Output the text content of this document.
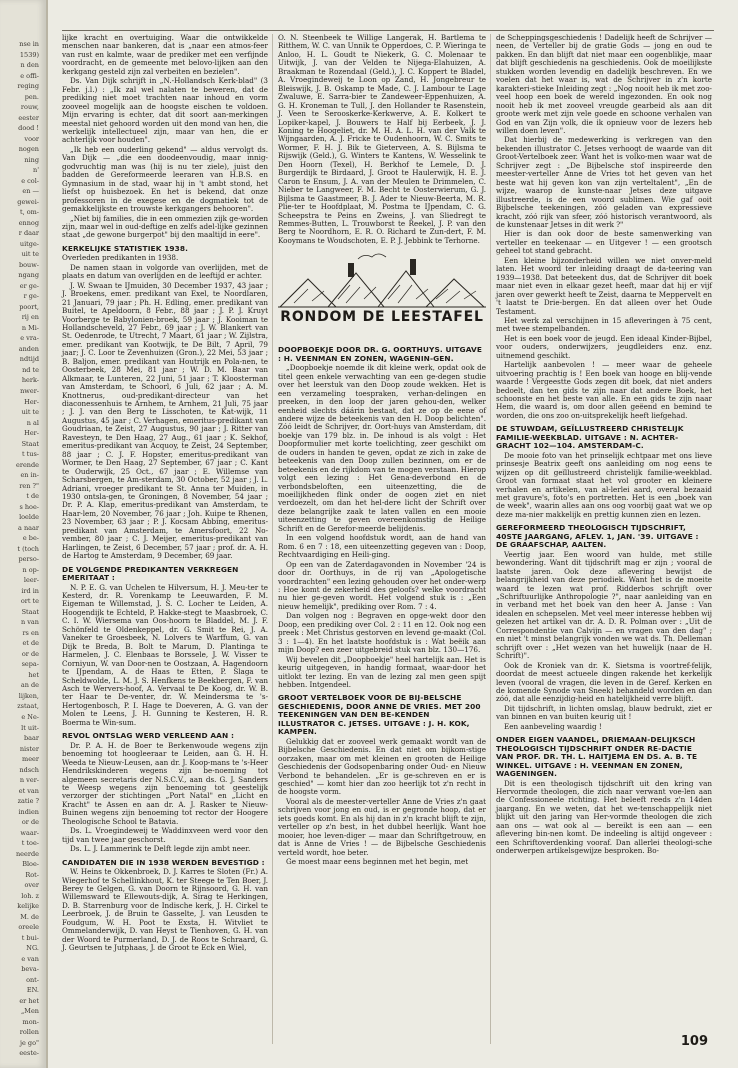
nse in
1539)
n den
e offi-
reging
pen.
rouw,
eester
dood !
voor
nogen
ning
n'
e col-
en —
gewei-
t, om-
ennog
r daar
uitge-
uit te
bouw-
ngang
er ge-
r ge-
poort,
rij en
n Mi-
e vra-
anden
ndtijd
nd te
herk-
nwer-
Her-
uit te
n al
Her-
Staat
t tus-
erende
en in-
ren ?"
t de
s hoe-
loelde
a naar
e be-
t (toch
perso-
n op-
leer-
ird in
ort te
Staat
n van
rs en
et de
or de
sepa-
het
an de
lijken,
zstaat,
e Ne-
lt uit-
baar
nister
meer
ndsch
n ver-
et van
zatie ?
indien
or de
waar-
t toe-
neerde
Bloe-
Rot-
over
loh. z
kelijke
M. de
oreele
t bui-
NG.
e van
beva-
ont-
EN.
er het
„Men
mon-
rollen
je go"
eeste-

lijke kracht en overtuiging. Waar die ontwikkelde menschen naar bankeren, dat is „naar een atmos-feer van rust en kalmte, waar de prediker met een verfijnde voordracht, en de gemeente met belovo-lijken aan den kerkgang gesteld zijn zal verbeiten en bezielen".

Ds. Van Dijk schrijft in „N.-Hollandsch Kerk-blad" (3 Febr. j.l.) : „Ik zal wel nalaten te beweren, dat de prediking niet moet trachten naar inhoud en vorm zooveel mogelijk aan de hoogste eischen te voldoen. Mijn ervaring is echter, dat dit soort aan-merkingen meestal niet gehoord worden uit den mond van hen, die werkelijk intellectueel zijn, maar van hen, die er achterlijk voor houden".

„Ik heb een ouderling gekend" — aldus vervolgt ds. Van Dijk — „die een doodeenvoudig, maar innig-godvruchtig man was (hij is nu ter ziele), juist den badden de Gereformeerde leeraren van H.B.S. en Gymnasium in de stad, waar hij in 't ambt stond, het liefst op huisbezoek. En het is bekend, dat onze professoren in de exegese en de dogmatiek tot de gemakkelijkste en trouwste kerkgangers behooren".

„Niet bij families, die in een ommezien zijk ge-worden zijn, maar wel in oud-deftige en zelfs adel-lijke gezinnen staat „de gewone burgerpot" bij den maaltijd in eere".

KERKELIJKE STATISTIEK 1938.

Overleden predikanten in 1938.

De namen staan in volgorde van overlijden, met de plaats en datum van overlijden en de leeftijd er achter.

J. W. Swaan te IJmuiden, 30 December 1937, 43 jaar ; J. Broekens, emer. predikant van Exel, te Noordlaren, 21 Januari, 79 jaar ; Ph. H. Edling, emer. predikant van Buitel, te Apeldoorn, 8 Febr., 88 jaar ; J. P. J. Kruyt Voorberge te Babylonien-broek, 59 jaar ; J. Kooiman te Hollandscheveld, 27 Febr., 69 jaar ; J. W. Blankert van St. Oedenrode, te Utrecht, 7 Maart, 61 jaar ; W. Zijlstra, emer. predikant van Kootwijk, te De Bilt, 7 April, 79 jaar; J. C. Loor te Zevenhuizen (Gron.), 22 Mei, 53 jaar ; B. Baljon, emer. predikant van Houtrijk en Pola-nen, te Oosterbeek, 28 Mei, 81 jaar ; W. D. M. Baar van Alkmaar, te Lunteren, 22 Juni, 51 jaar ; T. Kloosterman van Amsterdam, te Schoorl, 6 Juli, 62 jaar ; A. M. Knottnerus, oud-predikant-directeur van het diaconessenhuis te Arnhem, te Arnhem, 21 Juli, 75 jaar ; J. J. van den Berg te Lisschoten, te Kat-wijk, 11 Augustus, 45 jaar ; C. Verhagen, emeritus-predikant van Goudriaan, te Zeist, 27 Augustus, 90 jaar ; J. Ritter van Ravesteyn, te Den Haag, 27 Aug., 61 jaar ; K. Sekhof, emeritus-predikant van Acquoy, te Zeist, 24 September, 88 jaar ; C. J. F. Hopster, emeritus-predikant van Wormer, te Den Haag, 27 September, 67 jaar ; C. Kant te Ouderwijk, 25 Oct., 67 jaar ; E. Willemse van Scharsbergen, te Am-sterdam, 30 October, 52 jaar ; J. L. Adriani, vroeger predikant te St. Anna ter Muiden, in 1930 ontsla-gen, te Groningen, 8 November, 54 jaar ; Dr. P. A. Klap, emeritus-predikant van Amsterdam, te Haar-lem, 20 November, 76 jaar ; Joh. Kuipe te Rhenen, 23 November, 63 jaar ; P. J. Kocsam Abbing, emeritus-predikant van Amsterdam, te Amersfoort, 22 No-vember, 80 jaar ; C. J. Meijer, emeritus-predikant van Harlingen, te Zeist, 6 December, 57 jaar ; prof. dr. A. H. de Hartog te Amsterdam, 9 December, 69 jaar.

DE VOLGENDE PREDIKANTEN VERKREGEN EMERITAAT :

N. P. E. G. van Uchelen te Hilversum, H. J. Meu-ter te Kesterd, dr. R. Vorenkamp te Leeuwarden, F. M. Eigeman te Willemstad, J. S. C. Locher te Leiden, A. Hoogendijk te Echteld, P. Hakke-stegt te Maasbroek, C. C. I. W. Wiersema van Oos-hoorn te Bladdel, M. J. F. Schönfeld te Oldenkeppel, dr. G. Smit te Rei, J. A. Vaneker te Groesbeek, N. Lolvers te Warffum, G. van Dijk te Breda, B. Bolt te Marum, D. Plantinga te Harmelen, J. C. Elenbaas te Borssele, J. W. Visser te Corniyun, W. van Door-nen te Oostzaan, A. Hagendoorn te IJpendam, A. de Haas te Etten, P. Slaga te Scheldwolde, L. M. J. S. Henfkens te Beekbergen, F. van Asch te Wervers-hoof, A. Vervaal te De Koog, dr. W. B. ter Haar te De-venter, dr. W. Meindersma te 's-Hertogenbosch, P. I. Hage te Doeveren, A. G. van der Molen te Leens, J. H. Gunning te Kesteren, H. R. Boerma te Win-sum.

REVOL ONTSLAG WERD VERLEEND AAN :

Dr. P. A. H. de Boer te Berkenwoude wegens zijn benoeming tot hoogleeraar te Leiden, aan G. H. H. Weeda te Nieuw-Leusen, aan dr. J. Koop-mans te 's-Heer Hendrikskinderen wegens zijn be-noeming tot algemeen secretaris der N.S.C.V., aan ds. G. J. Sanders te Weesp wegens zijn benoeming tot geestelijk verzorger der stichtingen „Port Natal" en „Licht en Kracht" te Assen en aan dr. A. J. Rasker te Nieuw-Buinen wegens zijn benoeming tot rector der Hoogere Theologische School te Batavia.

Ds. L. Vroegindeweij te Waddinxveen werd voor den tijd van twee jaar geschorst.

Ds. L. J. Lammerink te Delft legde zijn ambt neer.

CANDIDATEN DIE IN 1938 WERDEN BEVESTIGD :

W. Heins te Okkenbroek, D. J. Karres te Sloten (Fr.) A. Wiegerhof te Schellinkhout, K. ter Steege te Ten Boer, J. Berey te Gelgen, G. van Doorn te Rijnsoord, G. H. van Willemsward te Ellewouts-dijk, A. Sirag te Herkingen, D. B. Starrenburg voor de Indische kerk, J. H. Cirkel te Leerbroek, J. de Bruin te Gasselte, J. van Leusden te Foudgum, W. H. Poot te Exsta, H. Witvliet te Ommelanderwijk, D. van Heyst te Tienhoven, G. H. van der Woord te Purmerland, D. J. de Roos te Schraard, G. J. Geurtsen te Jutphaas, J. de Groot te Eck en Wiel,

O. N. Steenbeek te Willige Langerak, H. Bartlema te Ritthem, W. C. van Unnik te Opperdoes, C. P. Wieringa te Anloo, H. L. Goudt te Niekerk, G. C. Molenaar te Uitwijk, J. van der Velden te Nijega-Elahuizen, A. Braakman te Rozendaal (Geld.), J. C. Koppert te Bladel, A. Vroegindeweij te Loon op Zand, H. Jongebreur te Bleiswijk, J. B. Oskamp te Made, C. J. Lambour te Lage Zwaluwe, E. Sarra-bier te Zandeweer-Eppenhuizen, A. G. H. Kroneman te Tull, J. den Hollander te Rasenstein, J. Veen te Serooskerke-Kerkwerve, A. E. Kolkert te Lopiker-kapel, J. Bouwers te Half bij Eerbeek, J. J. Koning te Hoogeliet, dr. M. H. A. L. H. van der Valk te Wijngaarden, A. J. Fricke te Oudenhoorn, W. C. Smits te Wormer, F. H. J. Bik te Gieterveen, A. S. Bijlsma te Rijswijk (Geld.), G. Winters te Kantens, W. Wesselink te Den Hoorn (Texel), H. Berkhof te Lemele, D. J. Burgerdijk te Birdaard, J. Groot te Haulerwijk, H. E. J. Caron te Ensum, J. A. van der Meulen te Drimmelen, C. Nieber te Langweer, F. M. Becht te Oosterwierum, G. J. Bijlsma te Gaastmeer, B. J. Ader te Nieuw-Beerta, M. R. Plie-ter te Hoofdplaat, M. Postma te IJpendam, C. G. Scheepstra te Peins en Zweins, J. van Sliedregt te Remmes-Butten, L. Trouwborst te Reekel, J. P. van den Berg te Noordhorn, E. R. O. Richard te Zun-dert, F. M. Kooymans te Woudschoten, E. P. J. Jebbink te Terhorne.

RONDOM DE LEESTAFEL
DOOPBOEKJE DOOR DR. G. OORTHUYS. UITGAVE : H. VEENMAN EN ZONEN, WAGENIN-GEN.

„Doopboekje noemde ik dit kleine werk, opdat ook de titel geen enkele verwachting van een ge-degen studie over het leerstuk van den Doop zoude wekken. Het is een verzameling toespraken, verhan-delingen en preeken, in den loop der jaren gehou-den, welker eenheid slechts dáárin bestaat, dat ze op de eene of andere wijze de beteekenis van den H. Doop belichten". Zóó leidt de Schrijver, dr. Oort-huys van Amsterdam, dit boekje van 179 blz. in. De inhoud is als volgt : Het Doopformulier met korte toelichting, zeer geschikt om de ouders in handen te geven, opdat ze zich in zake de beteekenis van den Doop zullen bezinnen, om er de beteekenis en de rijkdom van te mogen verstaan. Hierop volgt een lezing : Het Gena-deverbond en de verbondsbeloften, een uiteenzetting, die de moeilijkheden flink onder de oogen ziet en niet verdoezelt, om dan het hel-dere licht der Schrift over deze belangrijke zaak te laten vallen en een mooie uiteenzetting te geven overeenkomstig de Heilige Schrift en de Gerefor-meerde belijdenis.

In een volgend hoofdstuk wordt, aan de hand van Rom. 6 en 7 : 18, een uiteenzetting gegeven van : Doop, Rechtvaardiging en Heili-ging.

Op een van de Zaterdagavonden in November '24 is door dr. Oorthuys, in de rij van „Apologetische voordrachten" een lezing gehouden over het onder-werp : Hoe komt de zekerheid des geloofs? welke voordracht nu hier ge-geven wordt. Het volgend stuk is : „Een nieuw hemelijk", prediking over Rom. 7 : 4.

Dan volgen nog : Begraven en opge-wekt door den Doop, een prediking over Col. 2 : 11 en 12. Ook nog een preek : Met Christus gestorven en levend ge-maakt (Col. 3 : 1—4). En het laatste hoofdstuk is : Wat beëik aan mijn Doop? een zeer uitgebreid stuk van blz. 130—176.

Wij bevelen dit „Doopboekje" heel hartelijk aan. Het is keurig uitgegeven, in handig formaat, waar-door het uitlokt ter lezing. En van de lezing zal men geen spijt hebben. Intgendeel.

GROOT VERTELBOEK VOOR DE BIJ-BELSCHE GESCHIEDENIS, DOOR ANNE DE VRIES. MET 200 TEEKENINGEN VAN DEN BE-KENDEN ILLUSTRATOR C. JETSES. UITGAVE : J. H. KOK, KAMPEN.

Gelukkig dat er zooveel werk gemaakt wordt van de Bijbelsche Geschiedenis. En dat niet om bijkom-stige oorzaken, maar om met kleinen en grooten de Heilige Geschiedenis der Godsopenbaring onder Oud- en Nieuw Verbond te behandelen. „Er is ge-schreven en er is geschied" — komt hier dan zoo heerlijk tot z'n recht in de hoogste vorm.

Vooral als de meester-verteller Anne de Vries z'n gaat schrijven voor jong en oud, is er gegronde hoop, dat er iets goeds komt. En als hij dan in z'n kracht blijft te zijn, verteller op z'n best, in het dubbel heerlijk. Want hoe mooier, hoe leven-diger — maar dan Schriftgetrouw, en dat is Anne de Vries ! — de Bijbelsche Geschiedenis verteld wordt, hoe beter.

Ge moest maar eens beginnen met het begin, met

de Scheppingsgeschiedenis ! Dadelijk heeft de Schrijver — neen, de Verteller bij de gratie Gods — jong en oud te pakken. En dan blijft dat niet maar een oogenblikje, maar dat blijft geschiedenis na geschiedenis. Ook de moeilijkste stukken worden levendig en dadelijk beschreven. En we voelen dat het waar is, wat de Schrijver in z'n korte karakteri-stieke Inleiding zegt : „Nog nooit heb ik met zoo-veel hoop een boek de wereld ingezonden. En ook nog nooit heb ik met zooveel vreugde gearbeid als aan dit groote werk met zijn vele goede en schoone verhalen van God en van Zijn volk, die ik opnieuw voor de lezers heb willen doen leven".

Dat hierbij de medewerking is verkregen van den bekenden illustrator C. Jetses verhoogt de waarde van dit Groot-Vertelboek zeer. Want het is volko-men waar wat de Schrijver zegt : „De Bijbelsche stof inspireerde den meester-verteller Anne de Vries tot het geven van het beste wat hij geven kon van zijn verteltalent", „En de wijze, waarop de kunste-naar Jetses deze uitgave illustreerde, is de een woord sublimen. Wie gaf ooit Bijbelsche teekeningen, zóó geladen van expressieve kracht, zóó rijk van sfeer, zóó historisch verantwoord, als de kunstenaar Jetses in dit werk ?"

Hier is dan ook door de beste samenwerking van verteller en teekenaar — en Uitgever ! — een grootsch geheel tot stand gebracht.

Een kleine bijzonderheid willen we niet onver-meld laten. Het woord ter inleiding draagt de da-teering van 1939—1938. Dat beteekent dus, dat de Schrijver dit boek maar niet even in elkaar gezet heeft, maar dat hij er vijf jaren over gewerkt heeft te Zeist, daarna te Meppervelt en 't laatst te Drie-bergen. En dat alleen over het Oude Testament.

Het werk zal verschijnen in 15 afleveringen à 75 cent, met twee stempelbanden.

Het is een boek voor de jeugd. Een ideaal Kinder-Bijbel, voor ouders, onderwijzers, jeugdleiders enz. enz. uitnemend geschikt.

Hartelijk aanbevolen ! — meer waar de geheele uitvoering prachtig is ! Een boek van hooge en blij-vende waarde ! Vergeestte Gods zegen dit boek, dat niet anders bedoelt, dan ten gids te zijn naar dat andere Boek, het schoonste en het beste van alle. En een gids te zijn naar Hem, die waard is, om door allen geëend en bemind te worden, die ons zoo on-uitsprekelijk heeft liefgehad.

DE STUWDAM, GEÏLLUSTREERD CHRISTELIJK FAMILIE-WEEKBLAD. UITGAVE : N. ACHTER-GRACHT 102—104. AMSTERDAM-C.

De mooie foto van het prinselijk echtpaar met ons lieve prinsesje Beatrix geeft ons aanleiding om nog eens te wijzen op dit geïllustreerd christelijk familie-weekblad. Groot van formaat staat het vol grooter en kleinere verhalen en artikelen, van al-lerlei aard, overal bezaaid met gravure's, foto's en portretten. Het is een „boek van de week", waarin alles aan ons oog voorbij gaat wat we op deze ma-nier makkelijk en prettig kunnen zien en lezen.

GEREFORMEERD THEOLOGISCH TIJDSCHRIFT, 40STE JAARGANG, AFLEV. 1, JAN. '39. UITGAVE : DE GRAAFSCHAP, AALTEN.

Veertig jaar. Een woord van hulde, met stille bewondering. Want dit tijdschrift mag er zijn ; vooral de laatste jaren. Ook deze aflevering bewijst de belangrijkheid van deze periodiek. Want het is de moeite waard te lezen wat prof. Ridderbos schrijft over „Schriftuurlijke Anthropologie ?", naar aanleiding van en in verband met het boek van den heer A. Janse : Van idealen en schepselen. Met veel meer interesse hebben wij gelezen het artikel van dr. A. D. R. Polman over : „Uit de Correspondentie van Calvijn — en vragen van den dag" ; en niet 't minst belangrijk vonden we wat ds. Th. Delleman schrijft over : „Het wezen van het huwelijk (naar de H. Schrift)".

Ook de Kroniek van dr. K. Sietsma is voortref-felijk, doordat de meest actueele dingen rakende het kerkelijk leven (vooral de vragen, die leven in de Geref. Kerken en de komende Synode van Sneek) behandeld worden en dan zóó, dat alle eenzijdig-heid en hatelijkheid verre blijft.

Dit tijdschrift, in lichten omslag, blauw bedrukt, ziet er van binnen en van buiten keurig uit !

Een aanbeveling waardig !

ONDER EIGEN VAANDEL, DRIEMAAN-DELIJKSCH THEOLOGISCH TIJDSCHRIFT ONDER RE-DACTIE VAN PROF. DR. TH. L. HAITJEMA EN DS. A. B. TE WINKEL. UITGAVE : H. VEENMAN EN ZONEN, WAGENINGEN.

Dit is een theologisch tijdschrift uit den kring van Hervormde theologen, die zich naar verwant voe-len aan de Confessioneele richting. Het beleeft reeds z'n 14den jaargang. En we weten, dat het we-tenschappelijk niet blijkt uit den jaring van Her-vormde theologen die zich aan ons — wat ook al — bereikt is een aan — een aflevering bin-nen komt. De indeeling is altijd ongeveer : een Schriftoverdenking vooraf. Dan allerlei theologi-sche onderwerpen artikelsgewijze besproken. Bo-

109
